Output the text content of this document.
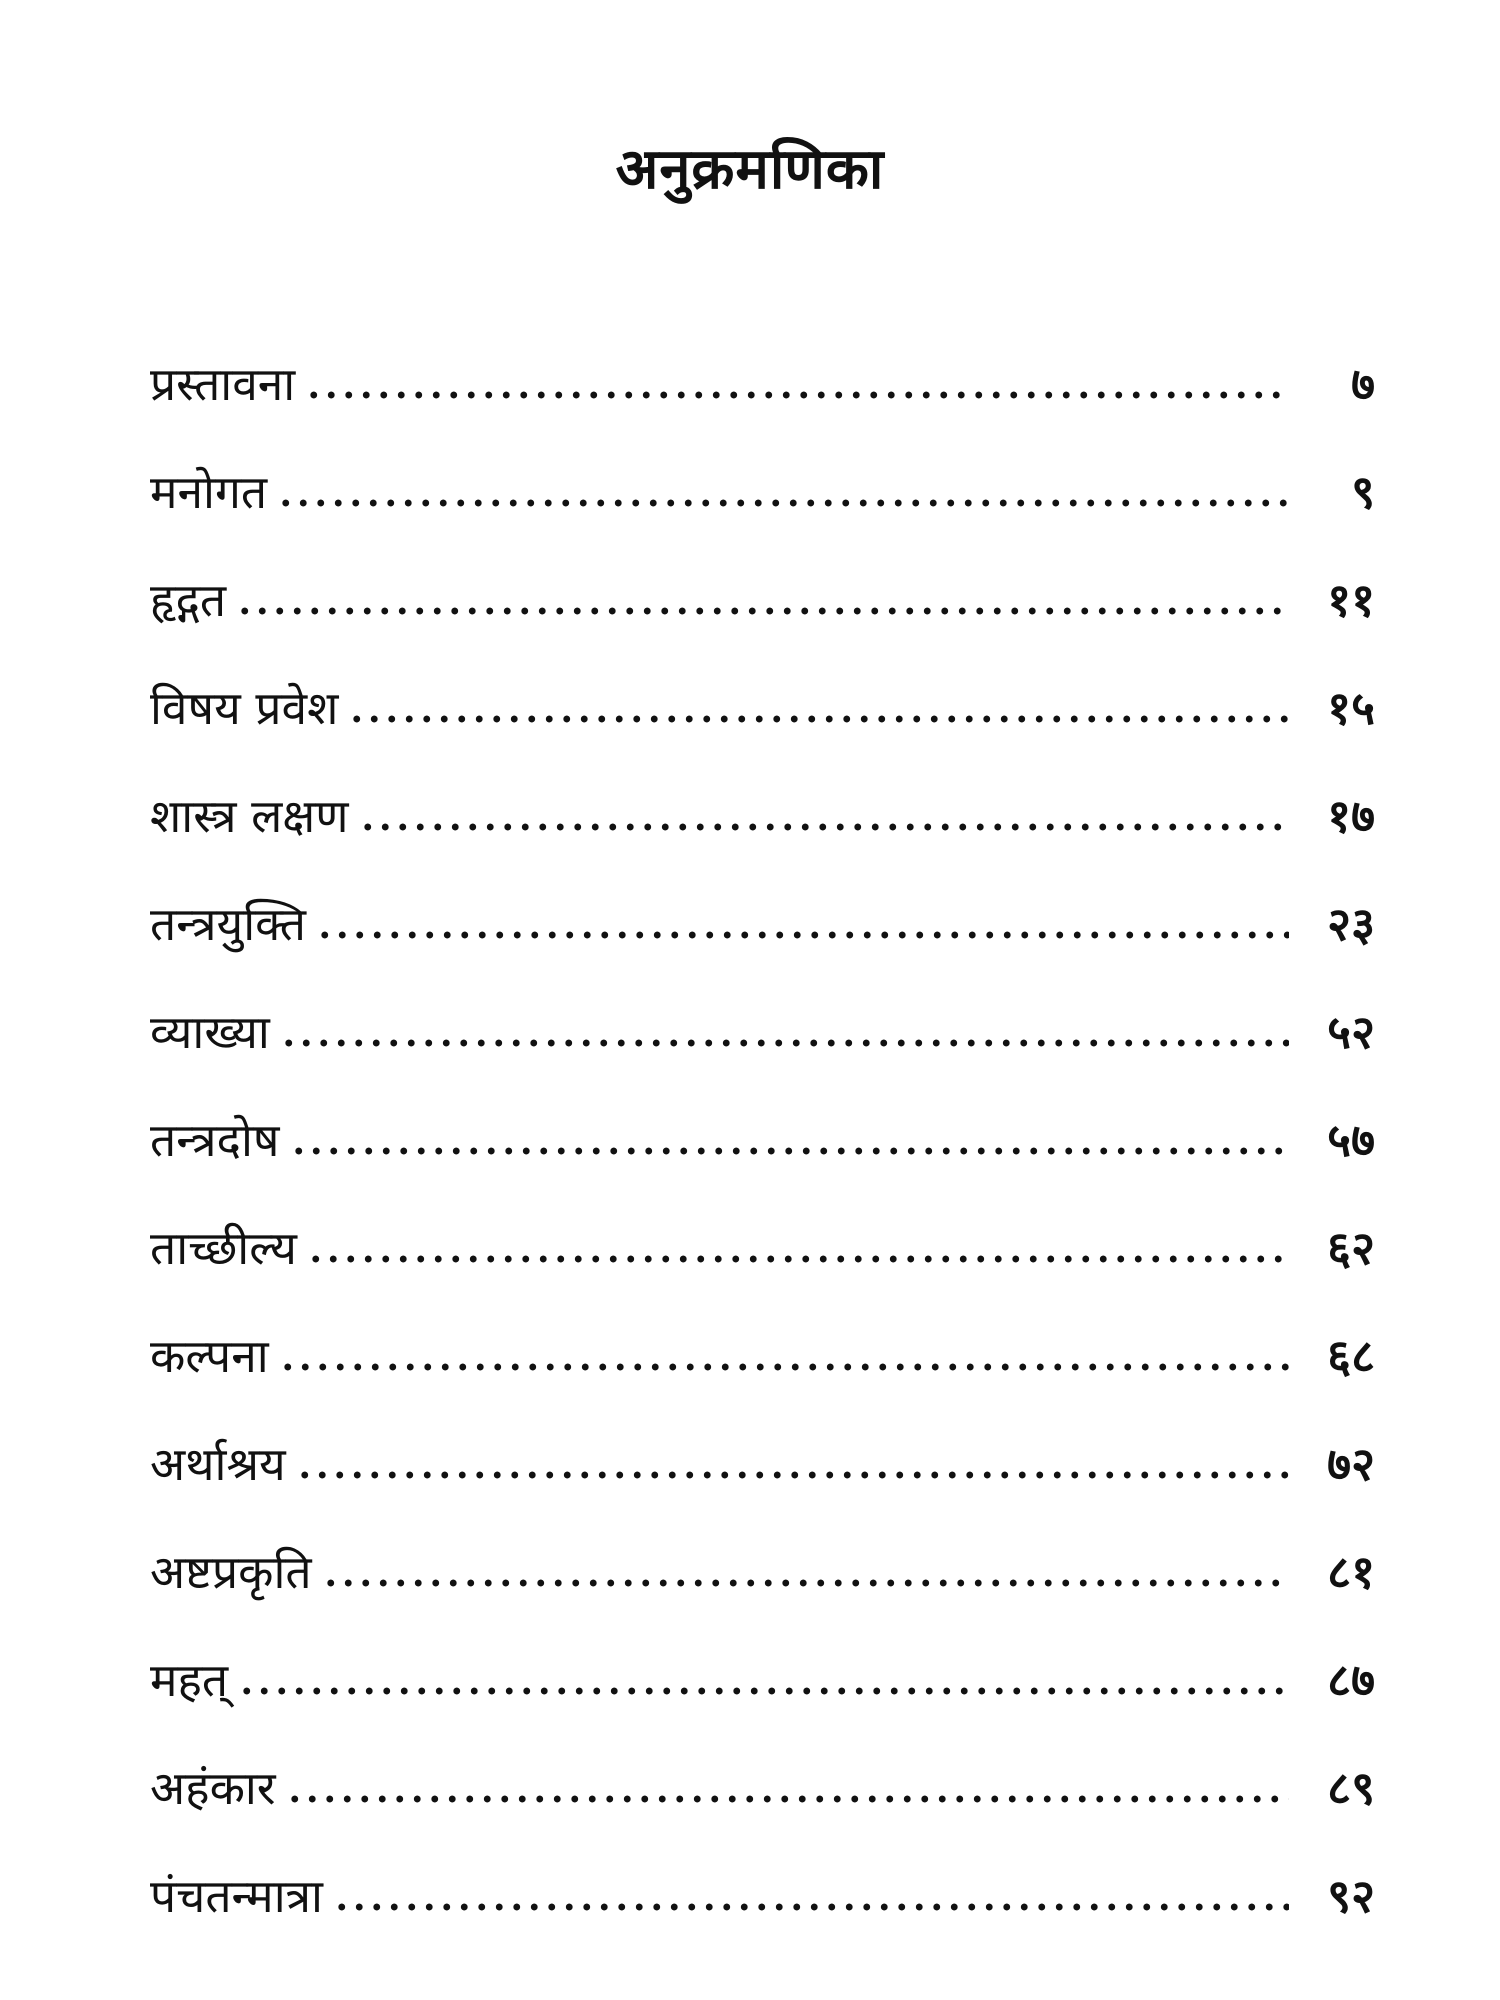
अनुक्रमणिका
प्रस्तावना	७
मनोगत	९
हृद्गत	११
विषय प्रवेश	१५
शास्त्र लक्षण	१७
तन्त्रयुक्ति	२३
व्याख्या	५२
तन्त्रदोष	५७
ताच्छील्य	६२
कल्पना	६८
अर्थाश्रय	७२
अष्टप्रकृति	८१
महत्	८७
अहंकार	८९
पंचतन्मात्रा	९२
